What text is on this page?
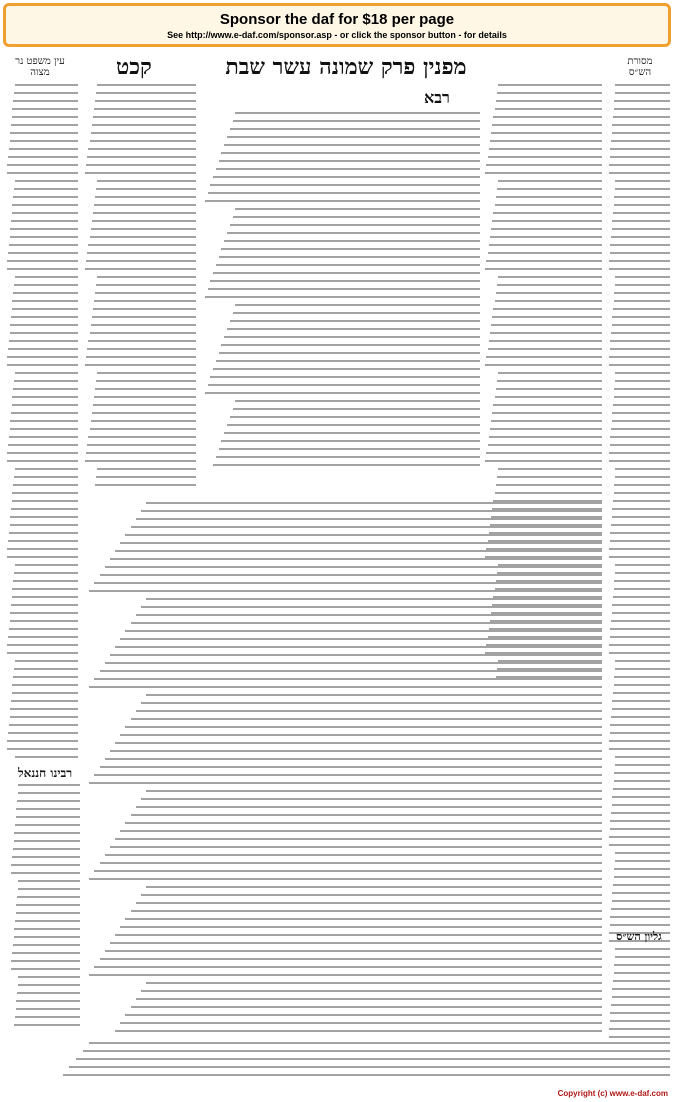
Sponsor the daf for $18 per page
See http://www.e-daf.com/sponsor.asp - or click the sponsor button - for details
עין משפט נר מצוה	קכט	מפנין פרק שמונה עשר שבת	מסורת הש״ס
רבא
רבינו חננאל
גליון הש״ס
Copyright (c) www.e-daf.com
